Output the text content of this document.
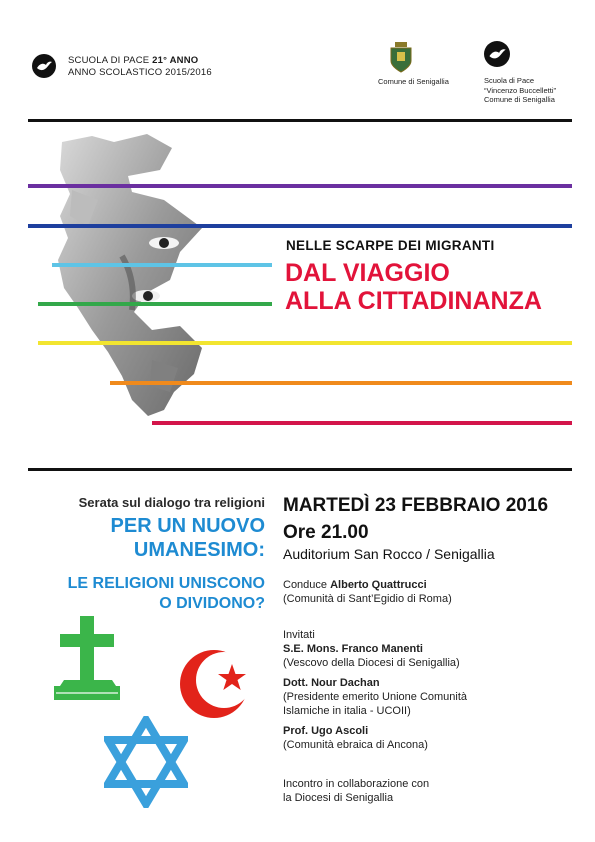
SCUOLA DI PACE 21° ANNO
ANNO SCOLASTICO 2015/2016
Comune di Senigallia	Scuola di Pace
“Vincenzo Buccelletti”
Comune di Senigallia
NELLE SCARPE DEI MIGRANTI
DAL VIAGGIO
ALLA CITTADINANZA
Serata sul dialogo tra religioni
PER UN NUOVO
UMANESIMO:
LE RELIGIONI UNISCONO
O DIVIDONO?
MARTEDÌ 23 FEBBRAIO 2016
Ore 21.00
Auditorium San Rocco / Senigallia
Conduce Alberto Quattrucci
(Comunità di Sant’Egidio di Roma)
Invitati
S.E. Mons. Franco Manenti
(Vescovo della Diocesi di Senigallia)
Dott. Nour Dachan
(Presidente emerito Unione Comunità
Islamiche in italia - UCOII)
Prof. Ugo Ascoli
(Comunità ebraica di Ancona)
Incontro in collaborazione con
la Diocesi di Senigallia
